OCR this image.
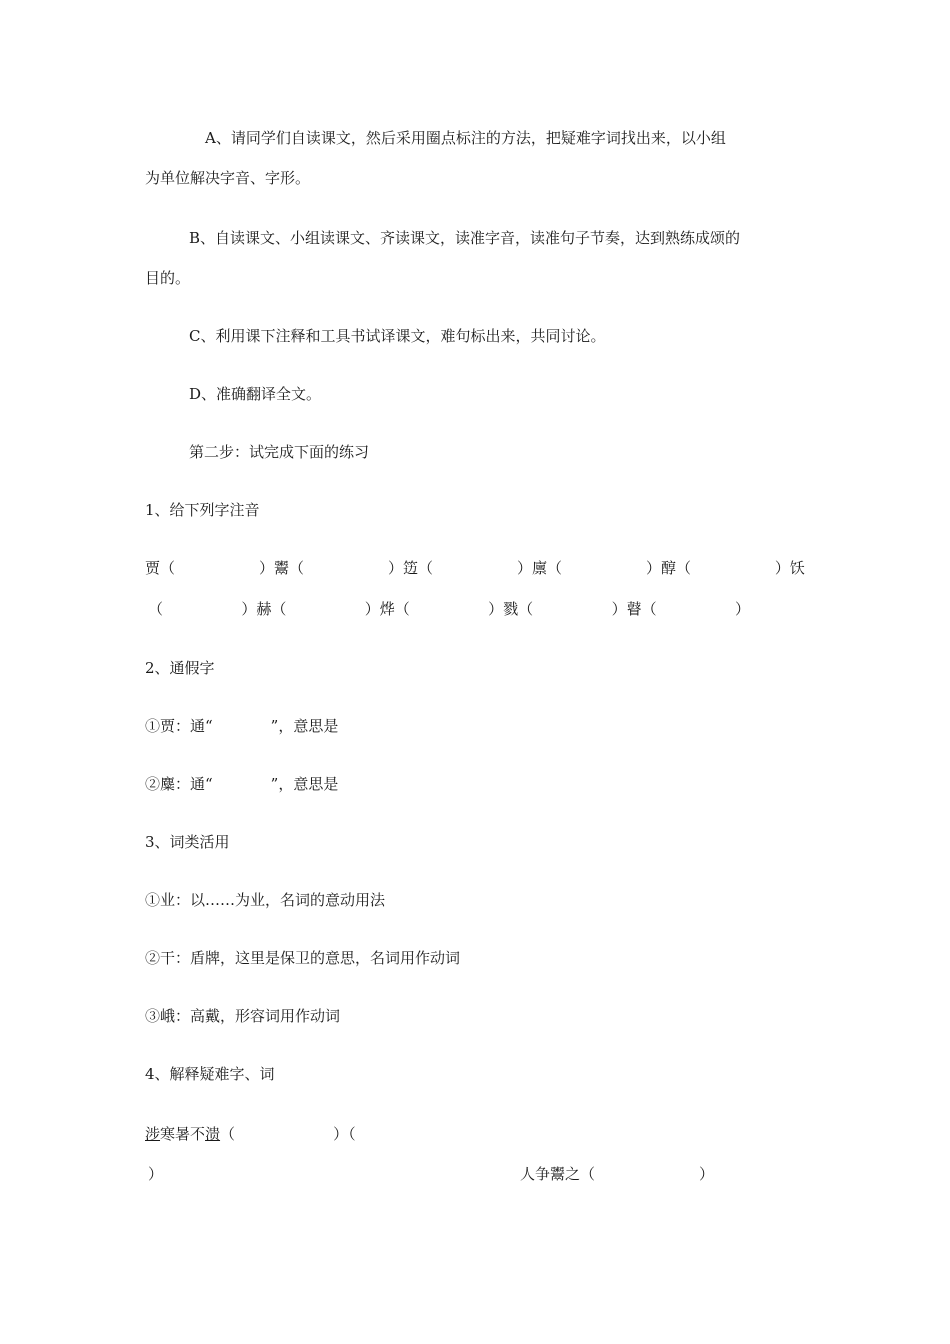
A、请同学们自读课文，然后采用圈点标注的方法，把疑难字词找出来，以小组
为单位解决字音、字形。
B、自读课文、小组读课文、齐读课文，读准字音，读准句子节奏，达到熟练成颂的
目的。
C、利用课下注释和工具书试译课文，难句标出来，共同讨论。
D、准确翻译全文。
第二步：试完成下面的练习
1、给下列字注音
贾（	）鬻（	）笾（	）廪（	）醇（	）饫
（	）赫（	）烨（	）戮（	）瞽（	）
2、通假字
①贾：通“	”，意思是
②麋：通“	”，意思是
3、词类活用
①业：以……为业，名词的意动用法
②干：盾牌，这里是保卫的意思，名词用作动词
③峨：高戴，形容词用作动词
4、解释疑难字、词
涉寒暑不溃（	）（
）	人争鬻之（	）
